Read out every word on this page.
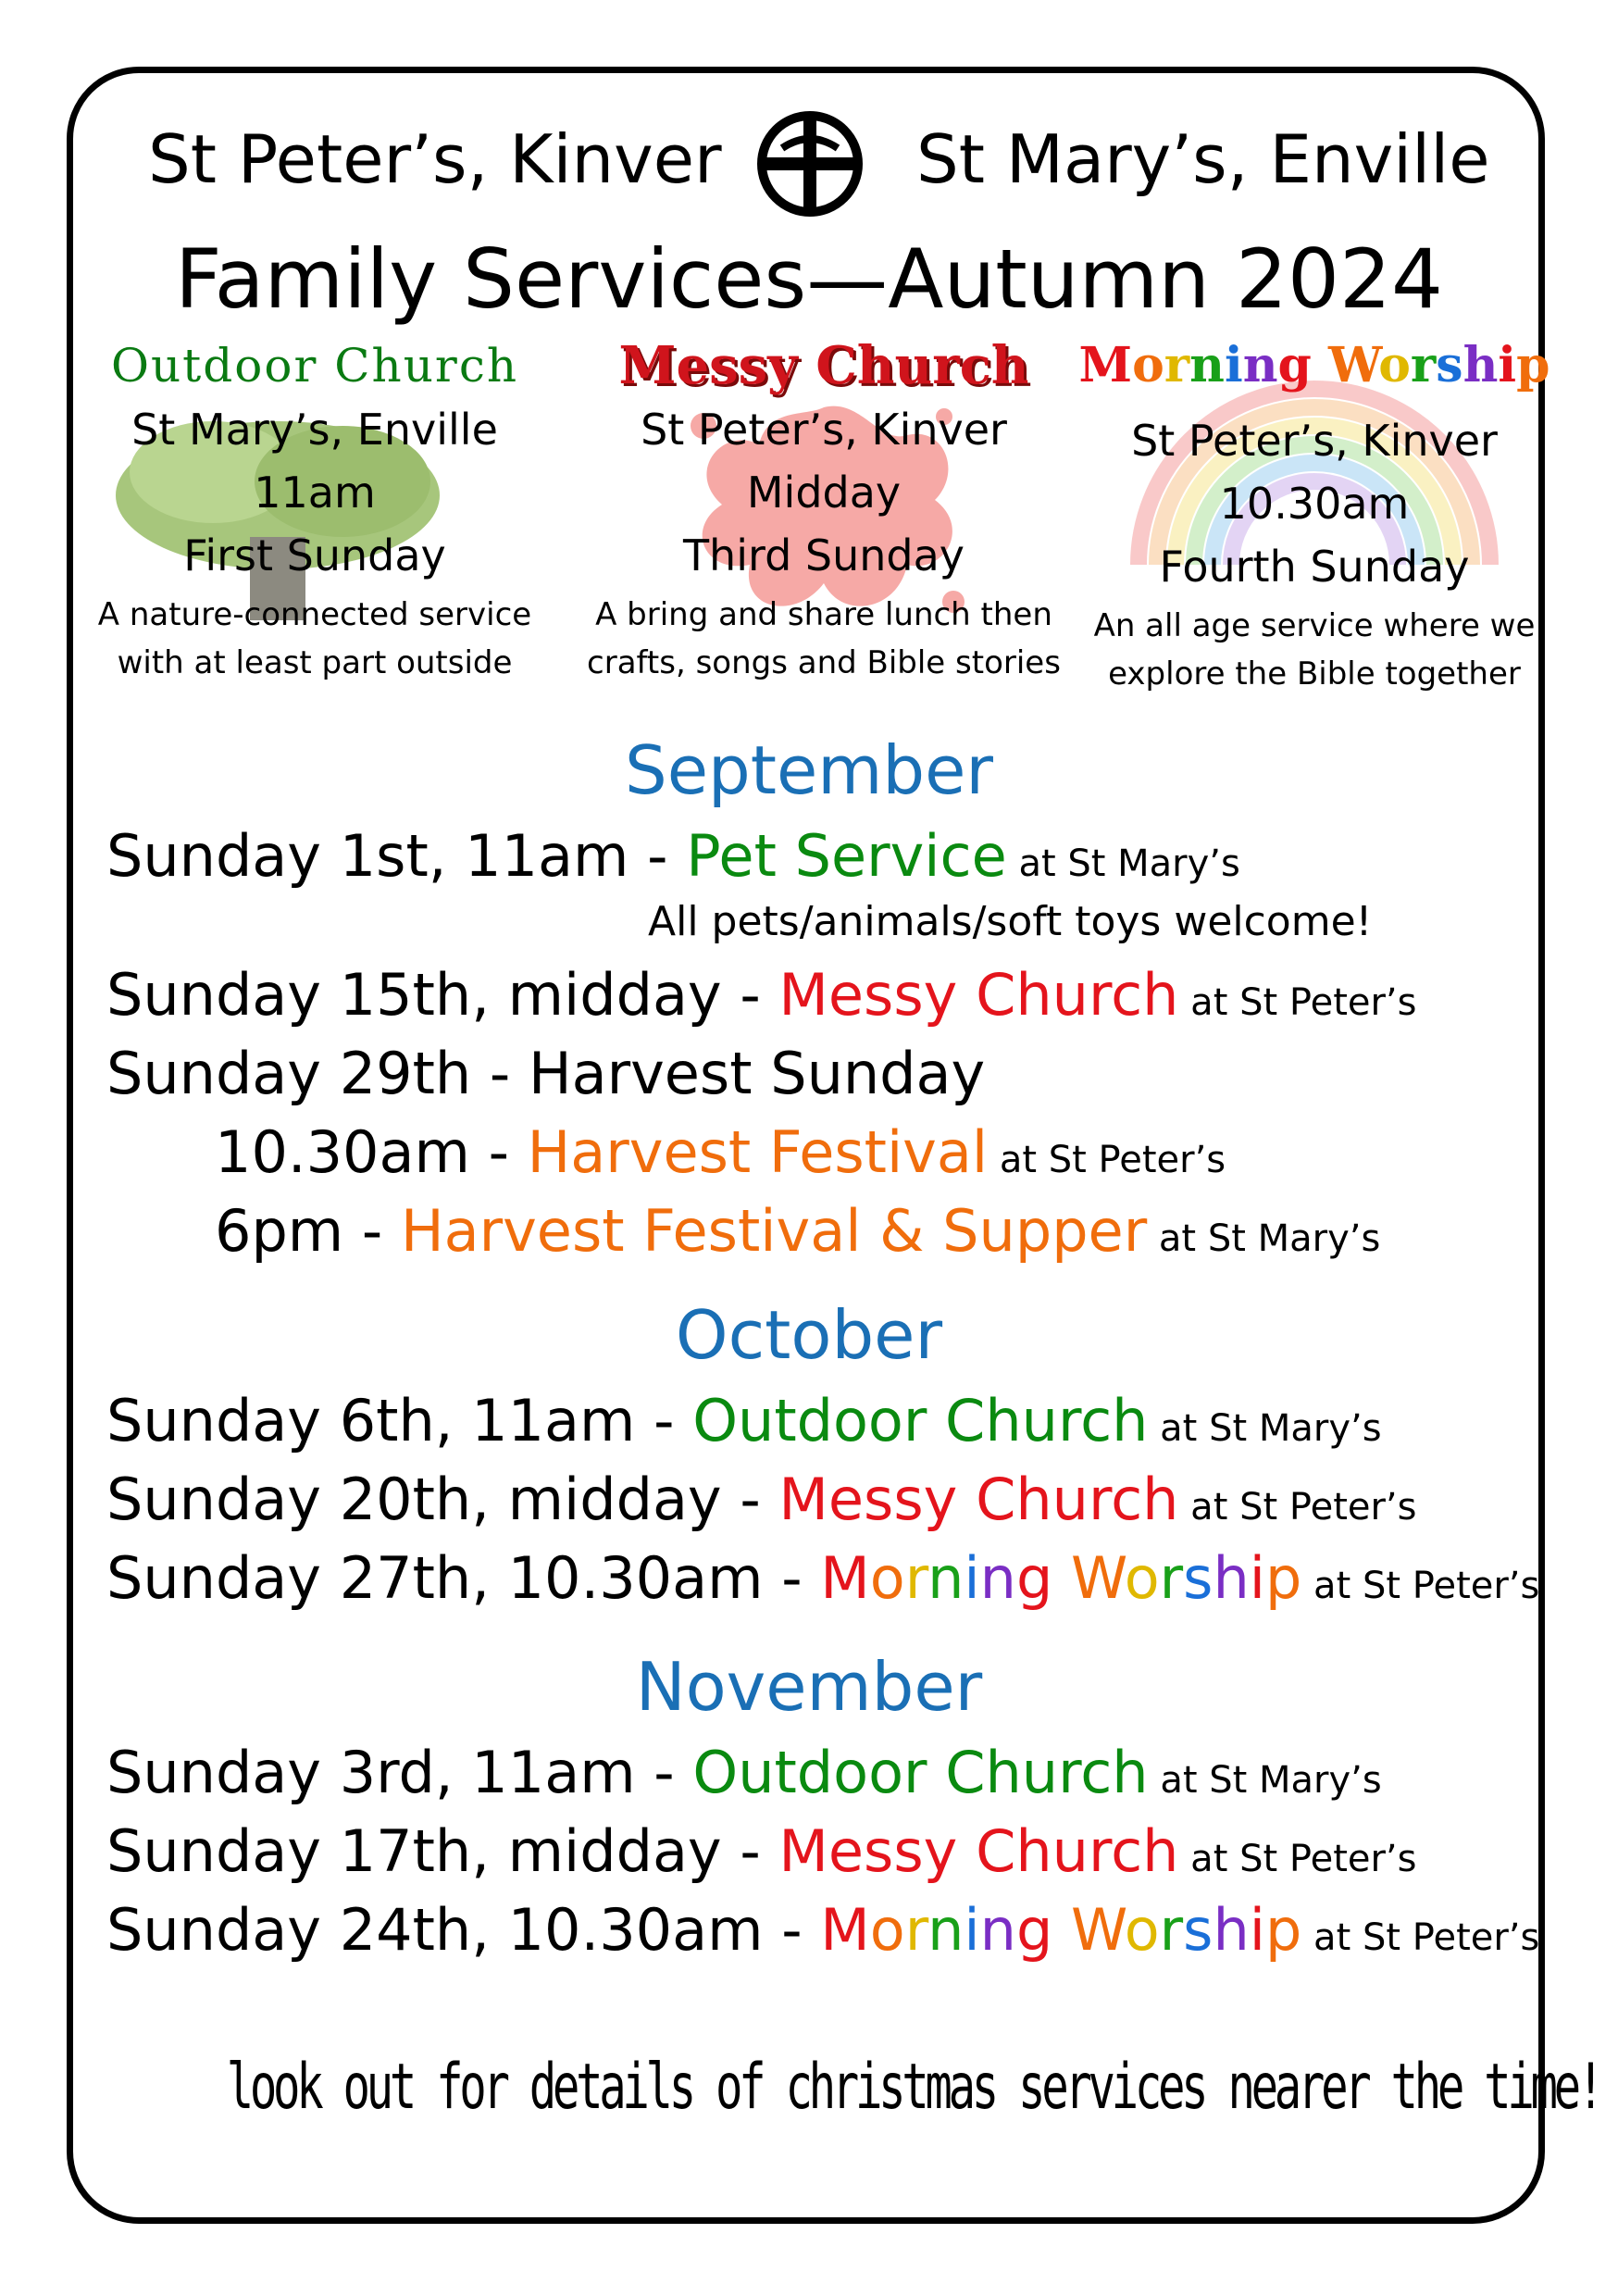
St Peter’s, Kinver	St Mary’s, Enville
Family Services—Autumn 2024
Outdoor Church
St Mary’s, Enville
11am
First Sunday
A nature-connected service
with at least part outside
Messy Church
St Peter’s, Kinver
Midday
Third Sunday
A bring and share lunch then
crafts, songs and Bible stories
Morning Worship
St Peter’s, Kinver
10.30am
Fourth Sunday
An all age service where we
explore the Bible together
September
Sunday 1st, 11am - Pet Service at St Mary’s
All pets/animals/soft toys welcome!
Sunday 15th, midday - Messy Church at St Peter’s
Sunday 29th - Harvest Sunday
10.30am - Harvest Festival at St Peter’s
6pm - Harvest Festival & Supper at St Mary’s
October
Sunday 6th, 11am - Outdoor Church at St Mary’s
Sunday 20th, midday - Messy Church at St Peter’s
Sunday 27th, 10.30am - Morning Worship at St Peter’s
November
Sunday 3rd, 11am - Outdoor Church at St Mary’s
Sunday 17th, midday - Messy Church at St Peter’s
Sunday 24th, 10.30am - Morning Worship at St Peter’s
look out for details of christmas services nearer the time!
